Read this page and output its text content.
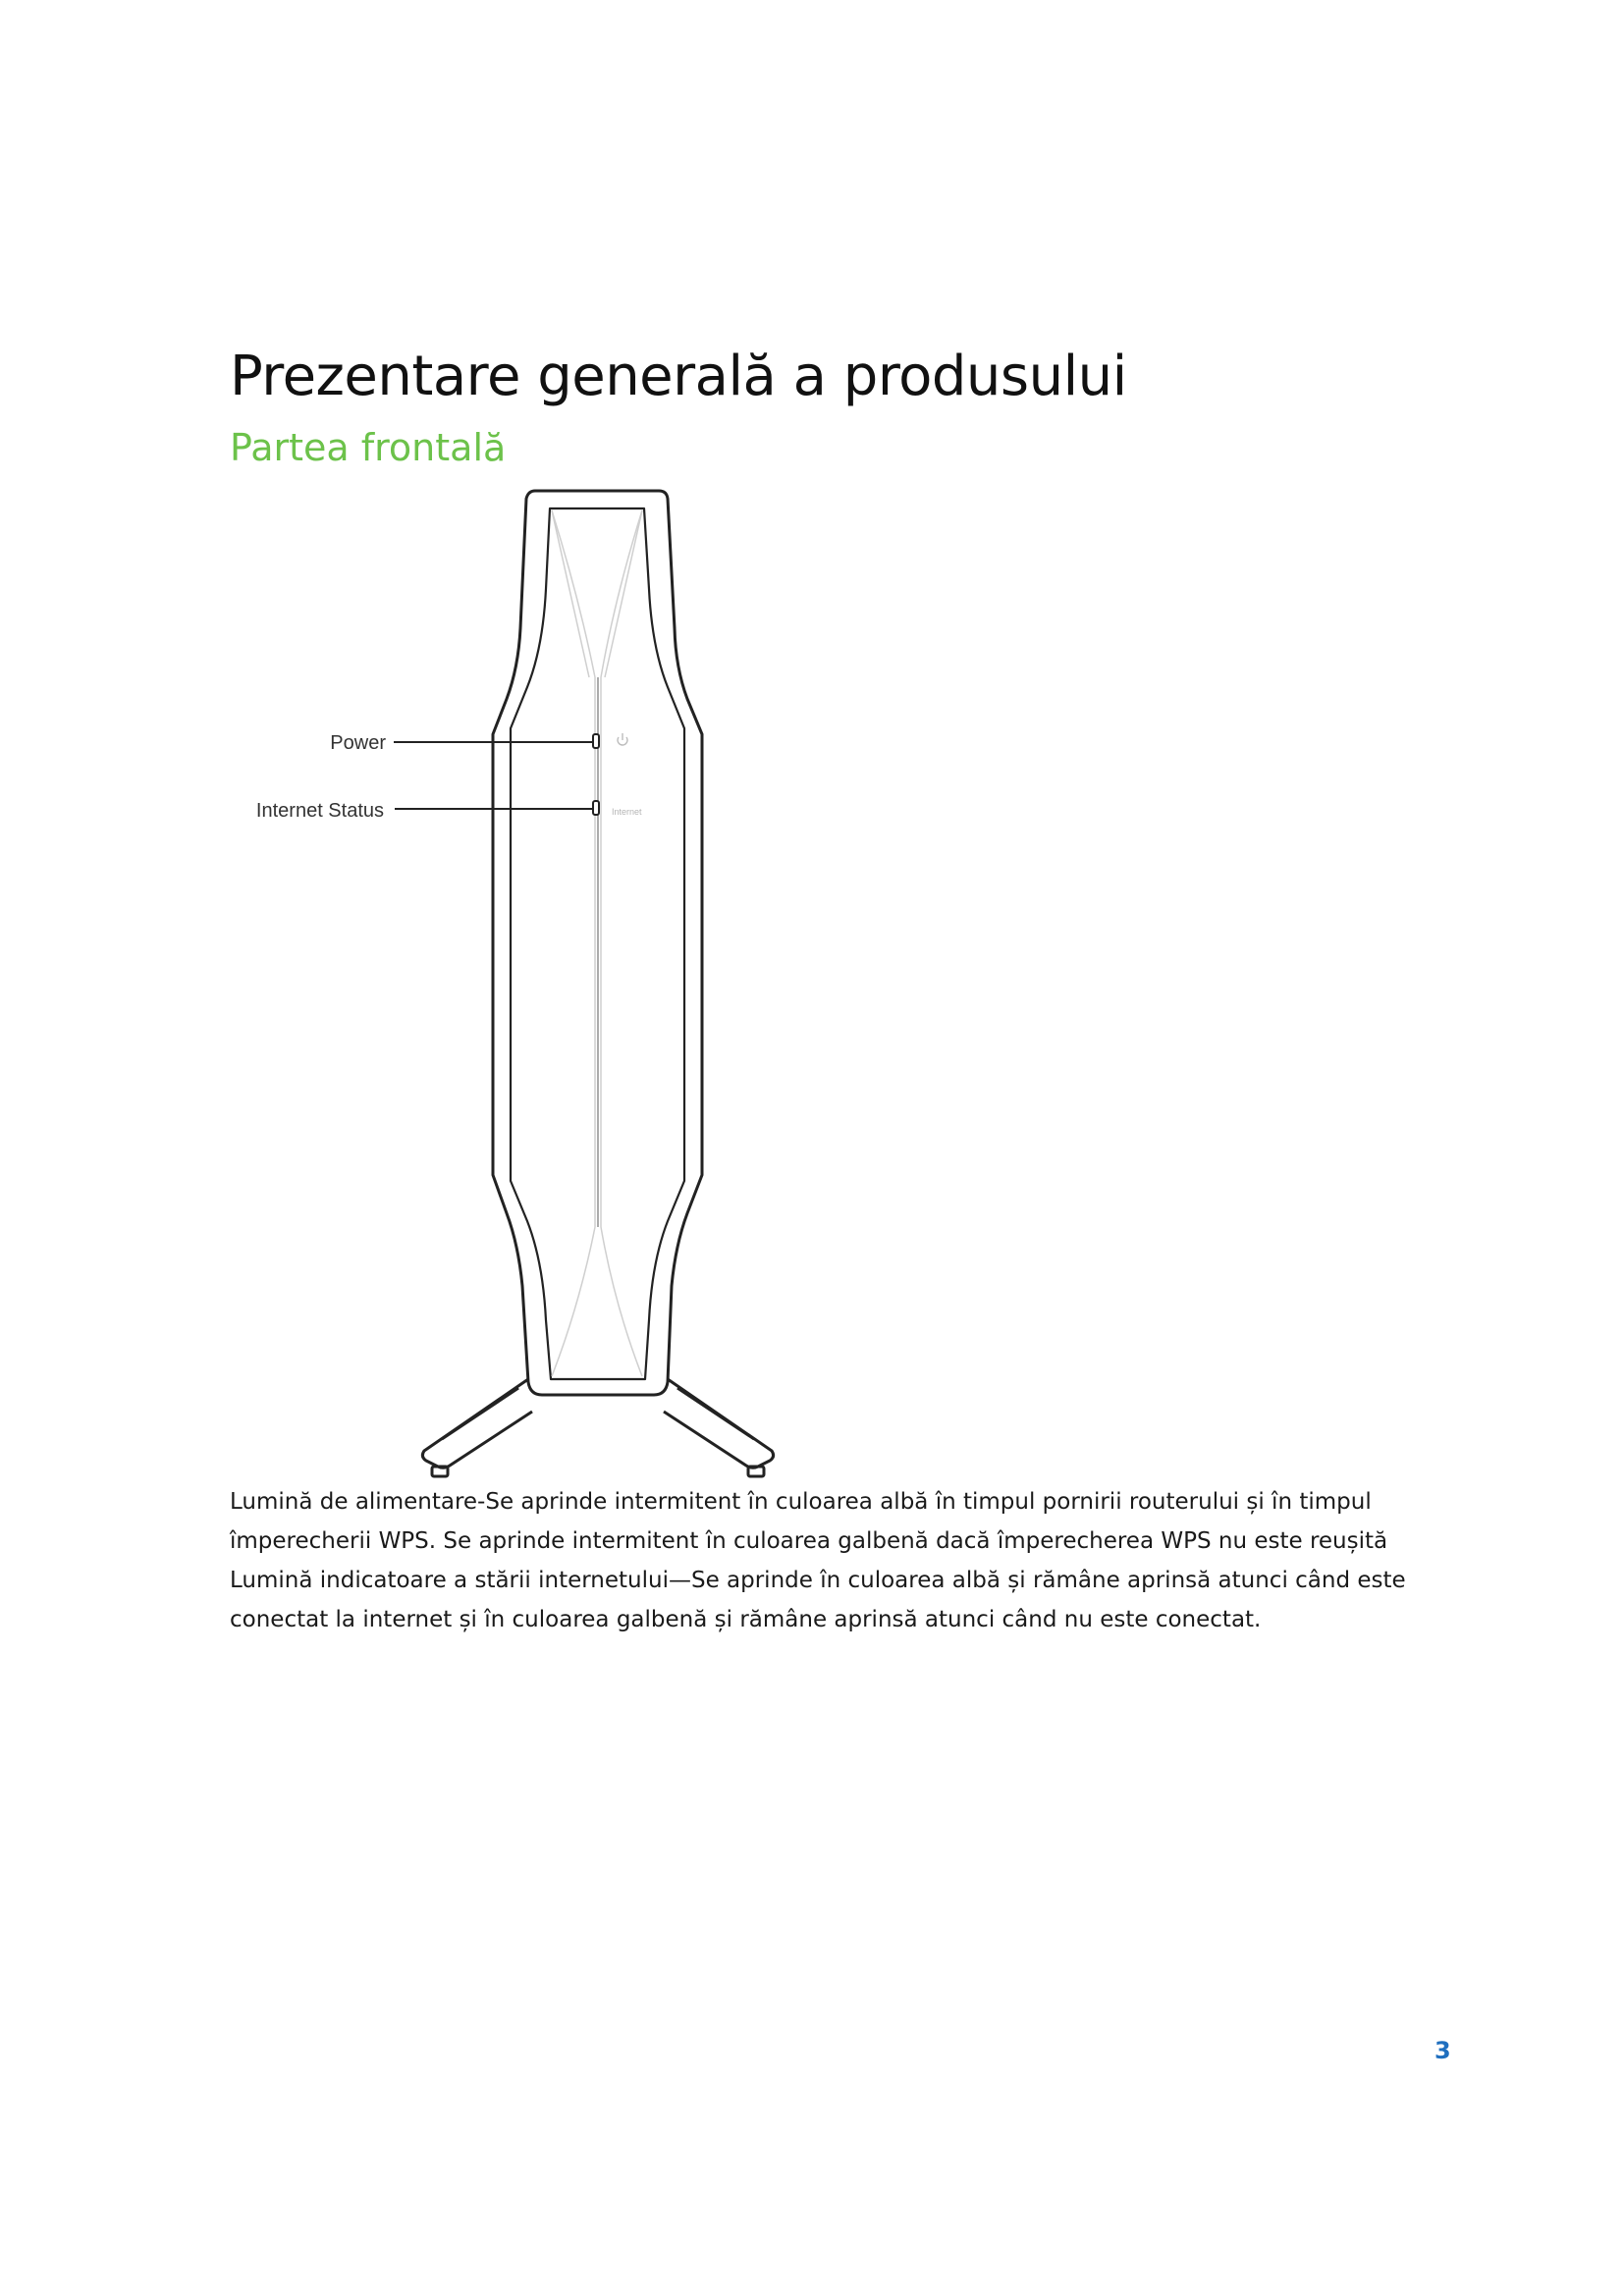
Prezentare generală a produsului
Partea frontală
Power
Internet Status	Internet

Lumină de alimentare-Se aprinde intermitent în culoarea albă în timpul pornirii routerului și în timpul

împerecherii WPS. Se aprinde intermitent în culoarea galbenă dacă împerecherea WPS nu este reușită

Lumină indicatoare a stării internetului—Se aprinde în culoarea albă și rămâne aprinsă atunci când este

conectat la internet și în culoarea galbenă și rămâne aprinsă atunci când nu este conectat.

3
